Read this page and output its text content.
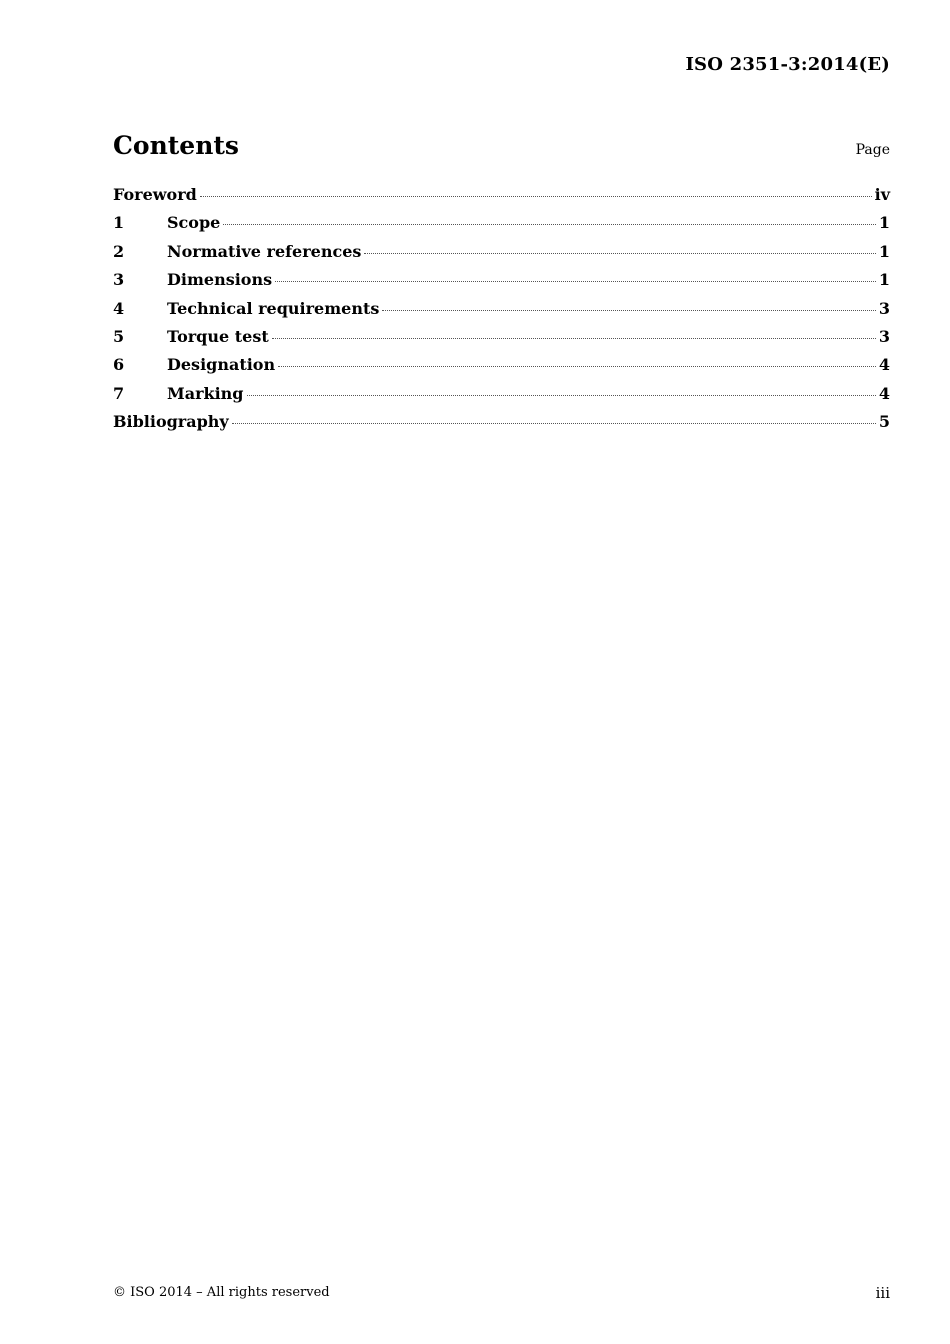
ISO 2351-3:2014(E)
Contents	Page
Foreword	iv
1	Scope	1
2	Normative references	1
3	Dimensions	1
4	Technical requirements	3
5	Torque test	3
6	Designation	4
7	Marking	4
Bibliography	5
© ISO 2014 – All rights reserved	iii
